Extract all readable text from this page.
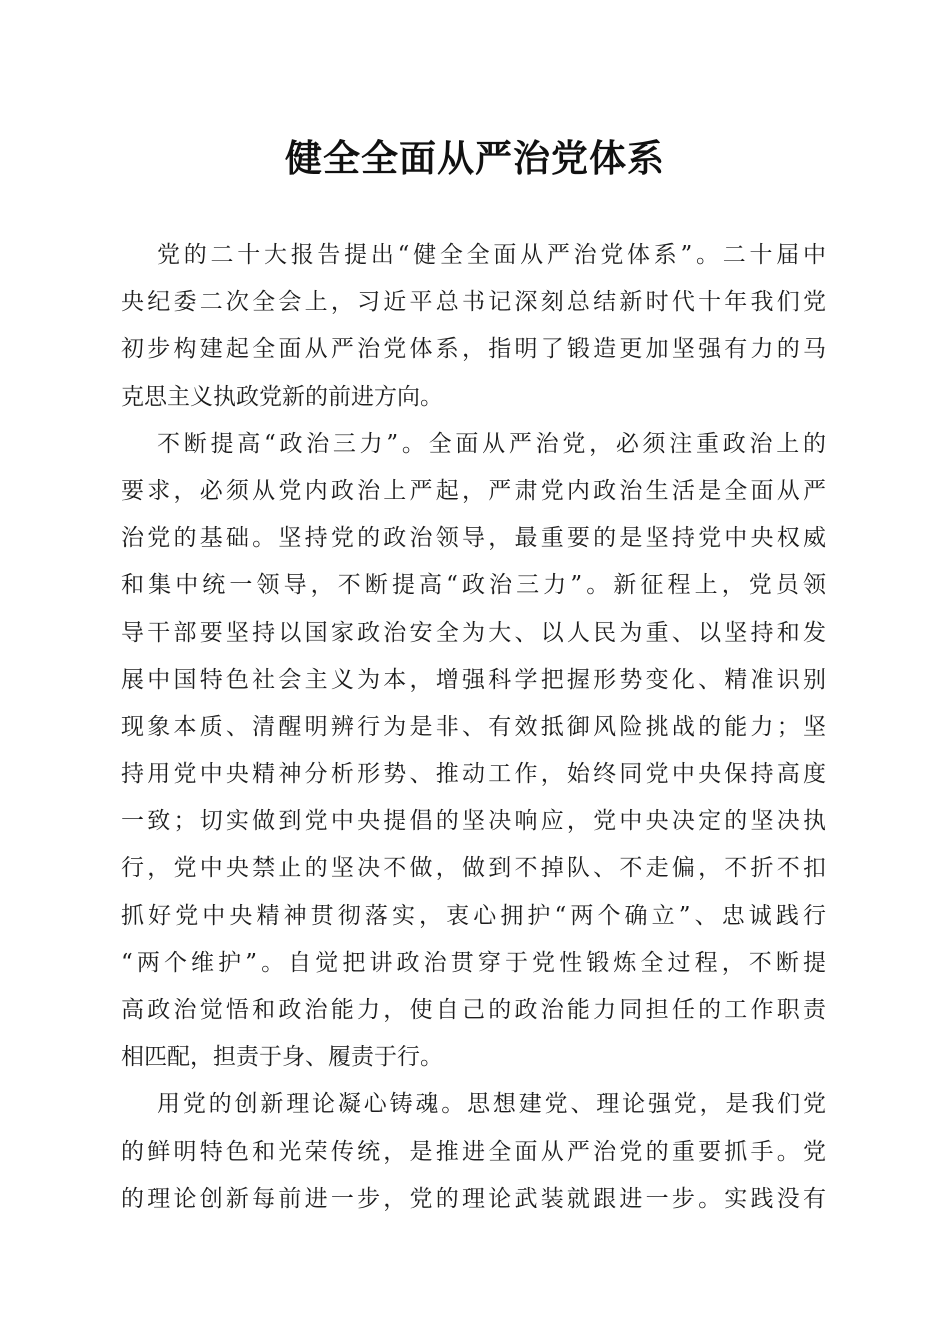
健全全面从严治党体系
党的二十大报告提出“健全全面从严治党体系”。二十届中
央纪委二次全会上，习近平总书记深刻总结新时代十年我们党
初步构建起全面从严治党体系，指明了锻造更加坚强有力的马
克思主义执政党新的前进方向。
不断提高“政治三力”。全面从严治党，必须注重政治上的
要求，必须从党内政治上严起，严肃党内政治生活是全面从严
治党的基础。坚持党的政治领导，最重要的是坚持党中央权威
和集中统一领导，不断提高“政治三力”。新征程上，党员领
导干部要坚持以国家政治安全为大、以人民为重、以坚持和发
展中国特色社会主义为本，增强科学把握形势变化、精准识别
现象本质、清醒明辨行为是非、有效抵御风险挑战的能力；坚
持用党中央精神分析形势、推动工作，始终同党中央保持高度
一致；切实做到党中央提倡的坚决响应，党中央决定的坚决执
行，党中央禁止的坚决不做，做到不掉队、不走偏，不折不扣
抓好党中央精神贯彻落实，衷心拥护“两个确立”、忠诚践行
“两个维护”。自觉把讲政治贯穿于党性锻炼全过程，不断提
高政治觉悟和政治能力，使自己的政治能力同担任的工作职责
相匹配，担责于身、履责于行。
用党的创新理论凝心铸魂。思想建党、理论强党，是我们党
的鲜明特色和光荣传统，是推进全面从严治党的重要抓手。党
的理论创新每前进一步，党的理论武装就跟进一步。实践没有
